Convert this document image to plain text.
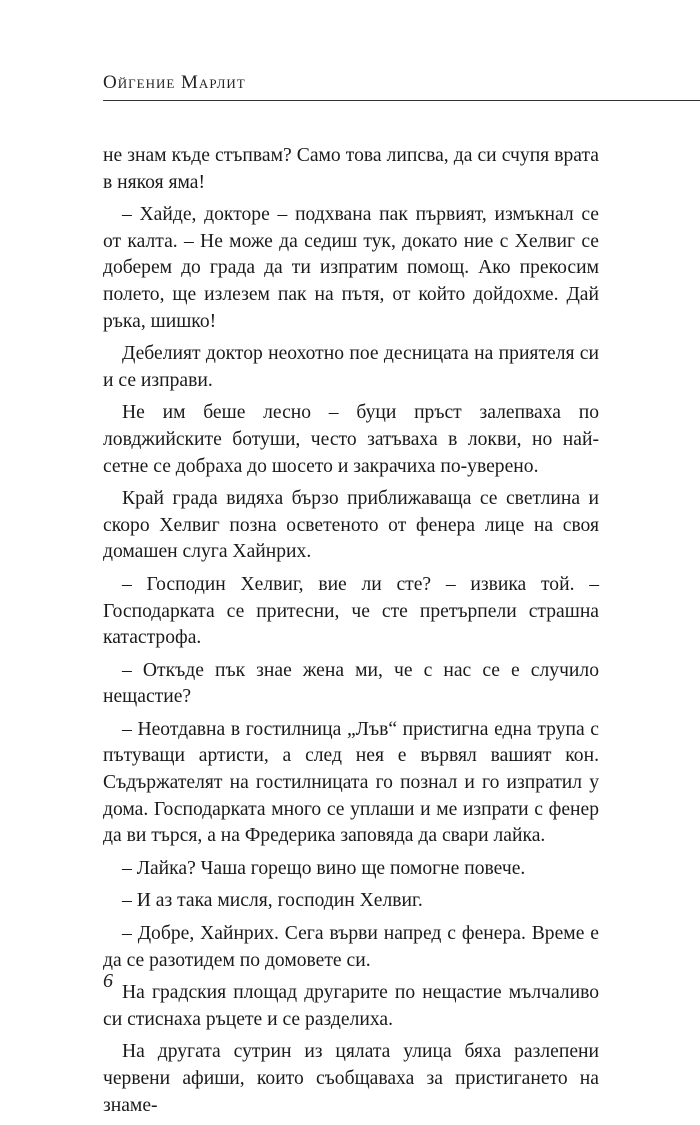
Ойгение Марлит

не знам къде стъпвам? Само това липсва, да си счупя врата в някоя яма!

– Хайде, докторе – подхвана пак първият, измъкнал се от калта. – Не може да седиш тук, докато ние с Хелвиг се доберем до града да ти изпратим помощ. Ако прекосим полето, ще излезем пак на пътя, от който дойдохме. Дай ръка, шишко!

Дебелият доктор неохотно пое десницата на приятеля си и се изправи.

Не им беше лесно – буци пръст залепваха по ловджийските ботуши, често затъваха в локви, но най-сетне се добраха до шосето и закрачиха по-уверено.

Край града видяха бързо приближаваща се светлина и скоро Хелвиг позна осветеното от фенера лице на своя домашен слуга Хайнрих.

– Господин Хелвиг, вие ли сте? – извика той. – Господарката се притесни, че сте претърпели страшна катастрофа.

– Откъде пък знае жена ми, че с нас се е случило нещастие?

– Неотдавна в гостилница „Лъв“ пристигна една трупа с пътуващи артисти, а след нея е вървял вашият кон. Съдържателят на гостилницата го познал и го изпратил у дома. Господарката много се уплаши и ме изпрати с фенер да ви търся, а на Фредерика заповяда да свари лайка.

– Лайка? Чаша горещо вино ще помогне повече.

– И аз така мисля, господин Хелвиг.

– Добре, Хайнрих. Сега върви напред с фенера. Време е да се разотидем по домовете си.

На градския площад другарите по нещастие мълчаливо си стиснаха ръцете и се разделиха.

На другата сутрин из цялата улица бяха разлепени червени афиши, които съобщаваха за пристигането на знаме-

6
